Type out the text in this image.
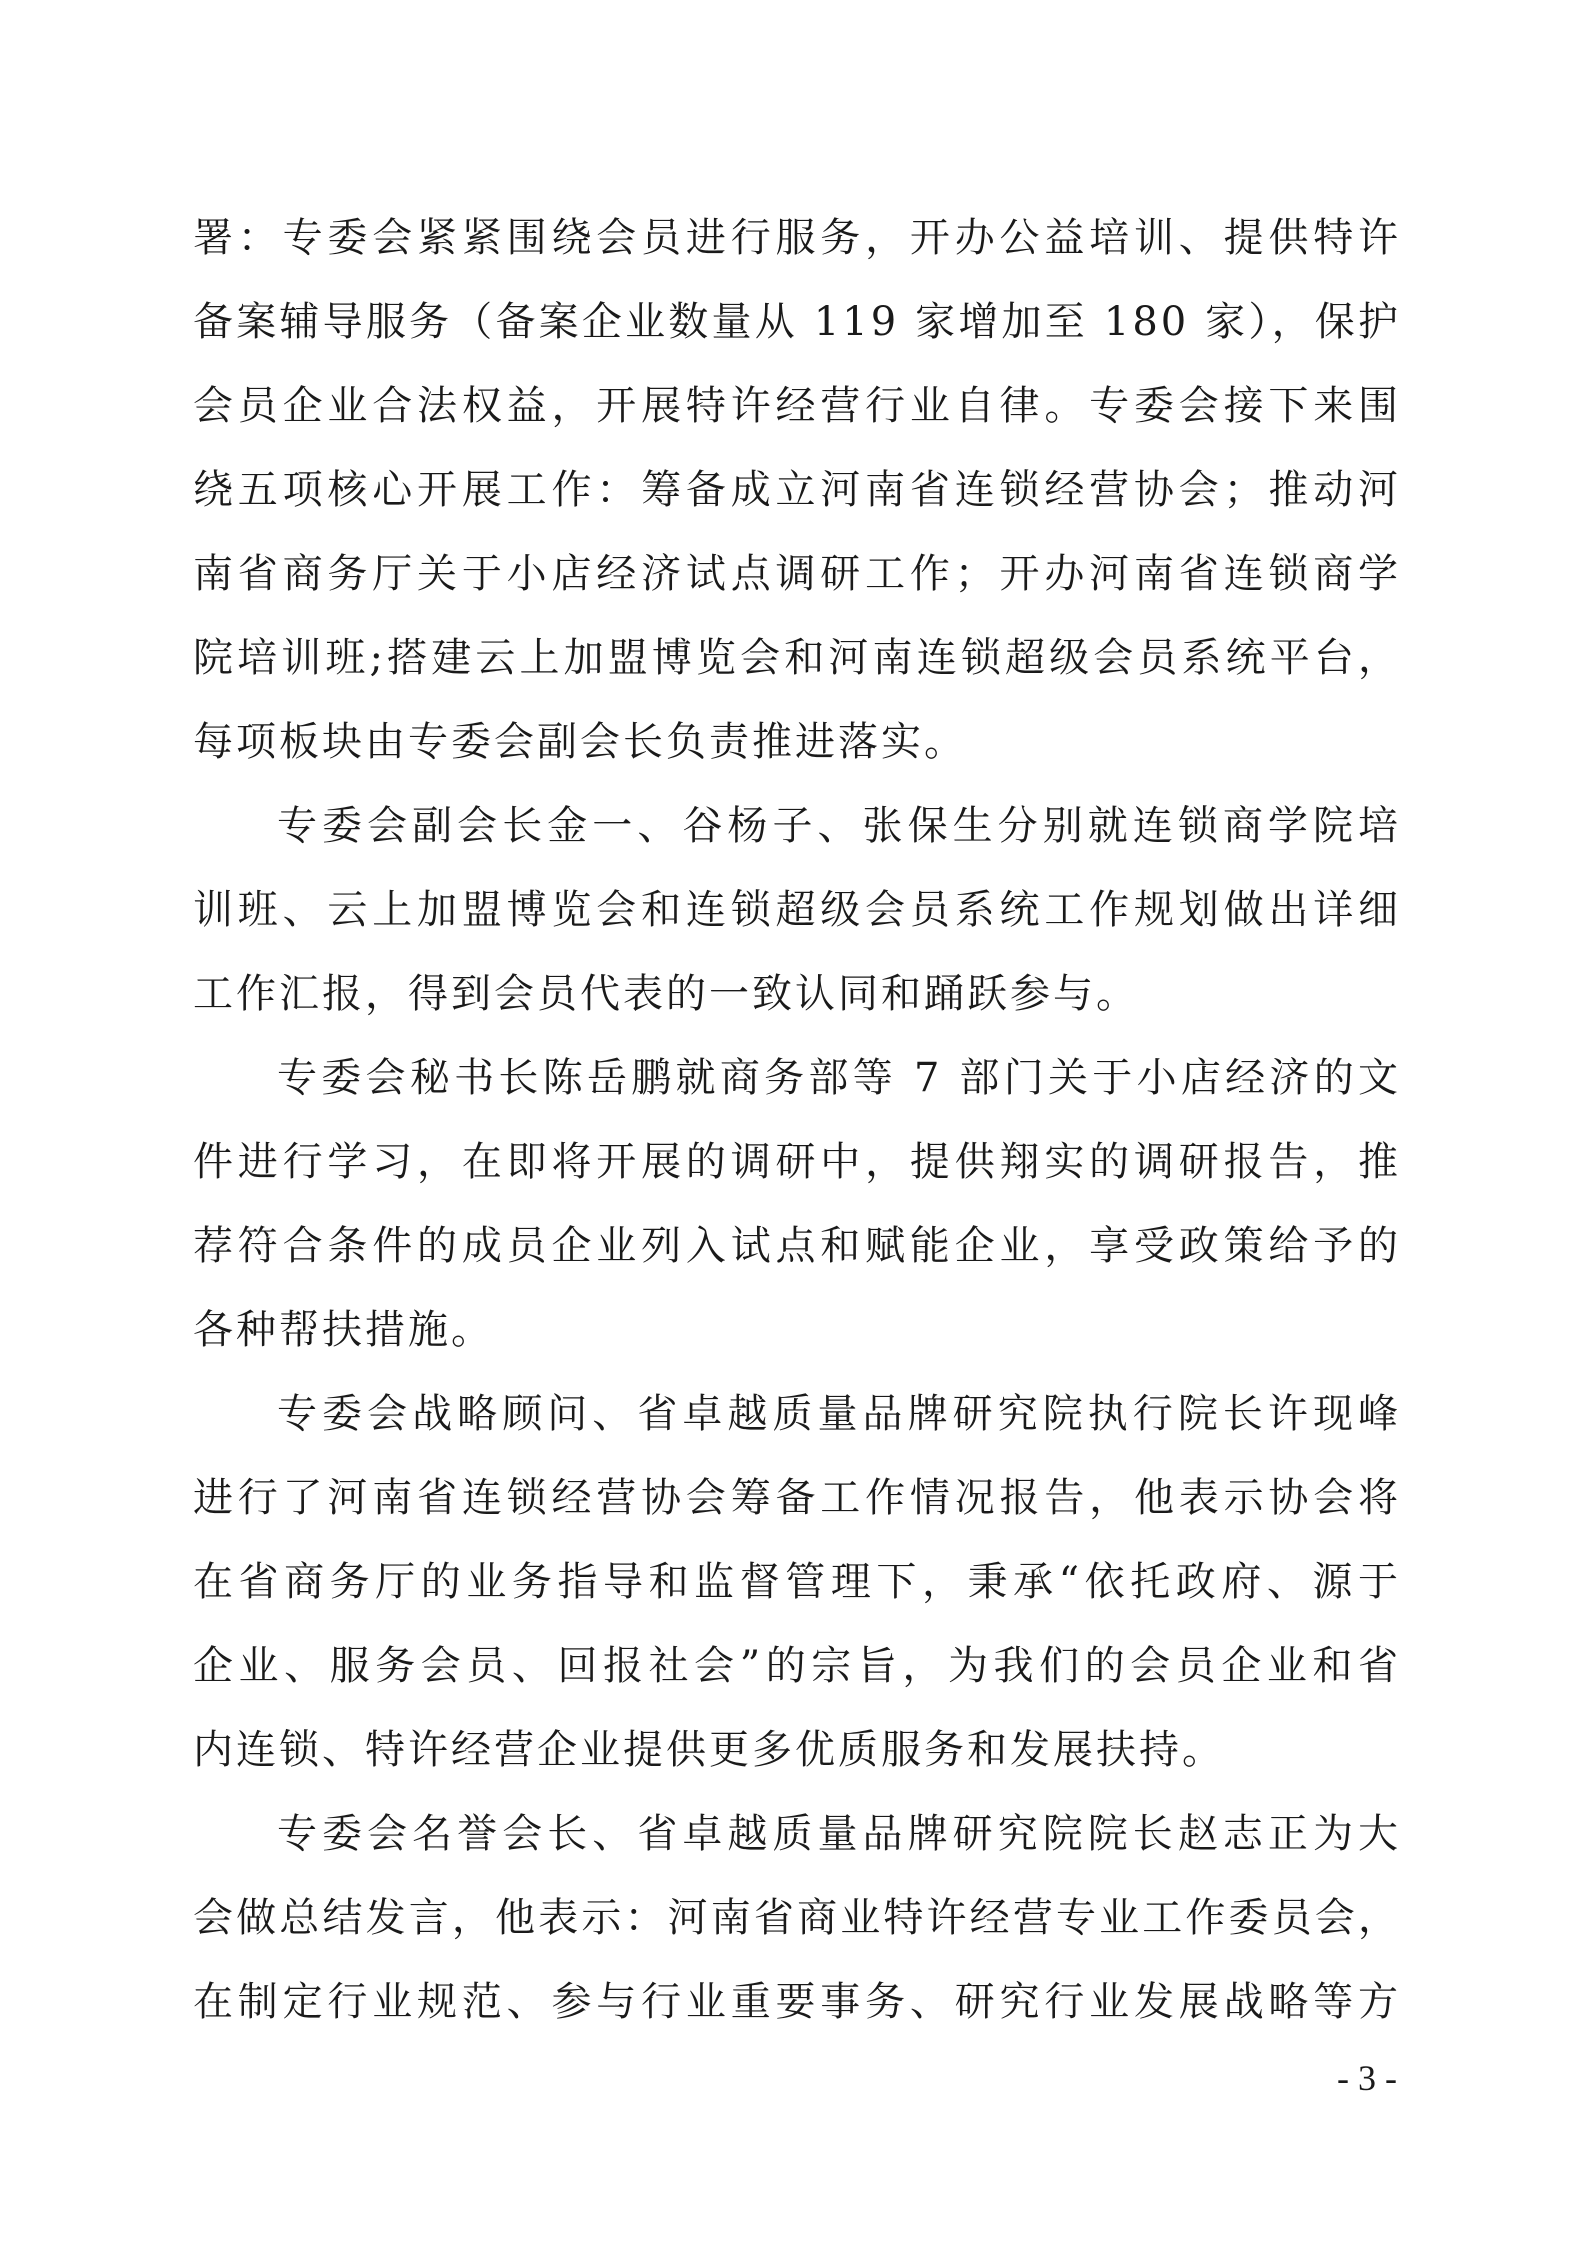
署：专委会紧紧围绕会员进行服务，开办公益培训、提供特许
备案辅导服务（备案企业数量从 119 家增加至 180 家），保护
会员企业合法权益，开展特许经营行业自律。专委会接下来围
绕五项核心开展工作：筹备成立河南省连锁经营协会；推动河
南省商务厅关于小店经济试点调研工作；开办河南省连锁商学
院培训班;搭建云上加盟博览会和河南连锁超级会员系统平台，
每项板块由专委会副会长负责推进落实。
专委会副会长金一、谷杨子、张保生分别就连锁商学院培
训班、云上加盟博览会和连锁超级会员系统工作规划做出详细
工作汇报，得到会员代表的一致认同和踊跃参与。
专委会秘书长陈岳鹏就商务部等 7 部门关于小店经济的文
件进行学习，在即将开展的调研中，提供翔实的调研报告，推
荐符合条件的成员企业列入试点和赋能企业，享受政策给予的
各种帮扶措施。
专委会战略顾问、省卓越质量品牌研究院执行院长许现峰
进行了河南省连锁经营协会筹备工作情况报告，他表示协会将
在省商务厅的业务指导和监督管理下，秉承“依托政府、源于
企业、服务会员、回报社会”的宗旨，为我们的会员企业和省
内连锁、特许经营企业提供更多优质服务和发展扶持。
专委会名誉会长、省卓越质量品牌研究院院长赵志正为大
会做总结发言，他表示：河南省商业特许经营专业工作委员会，
在制定行业规范、参与行业重要事务、研究行业发展战略等方
- 3 -
